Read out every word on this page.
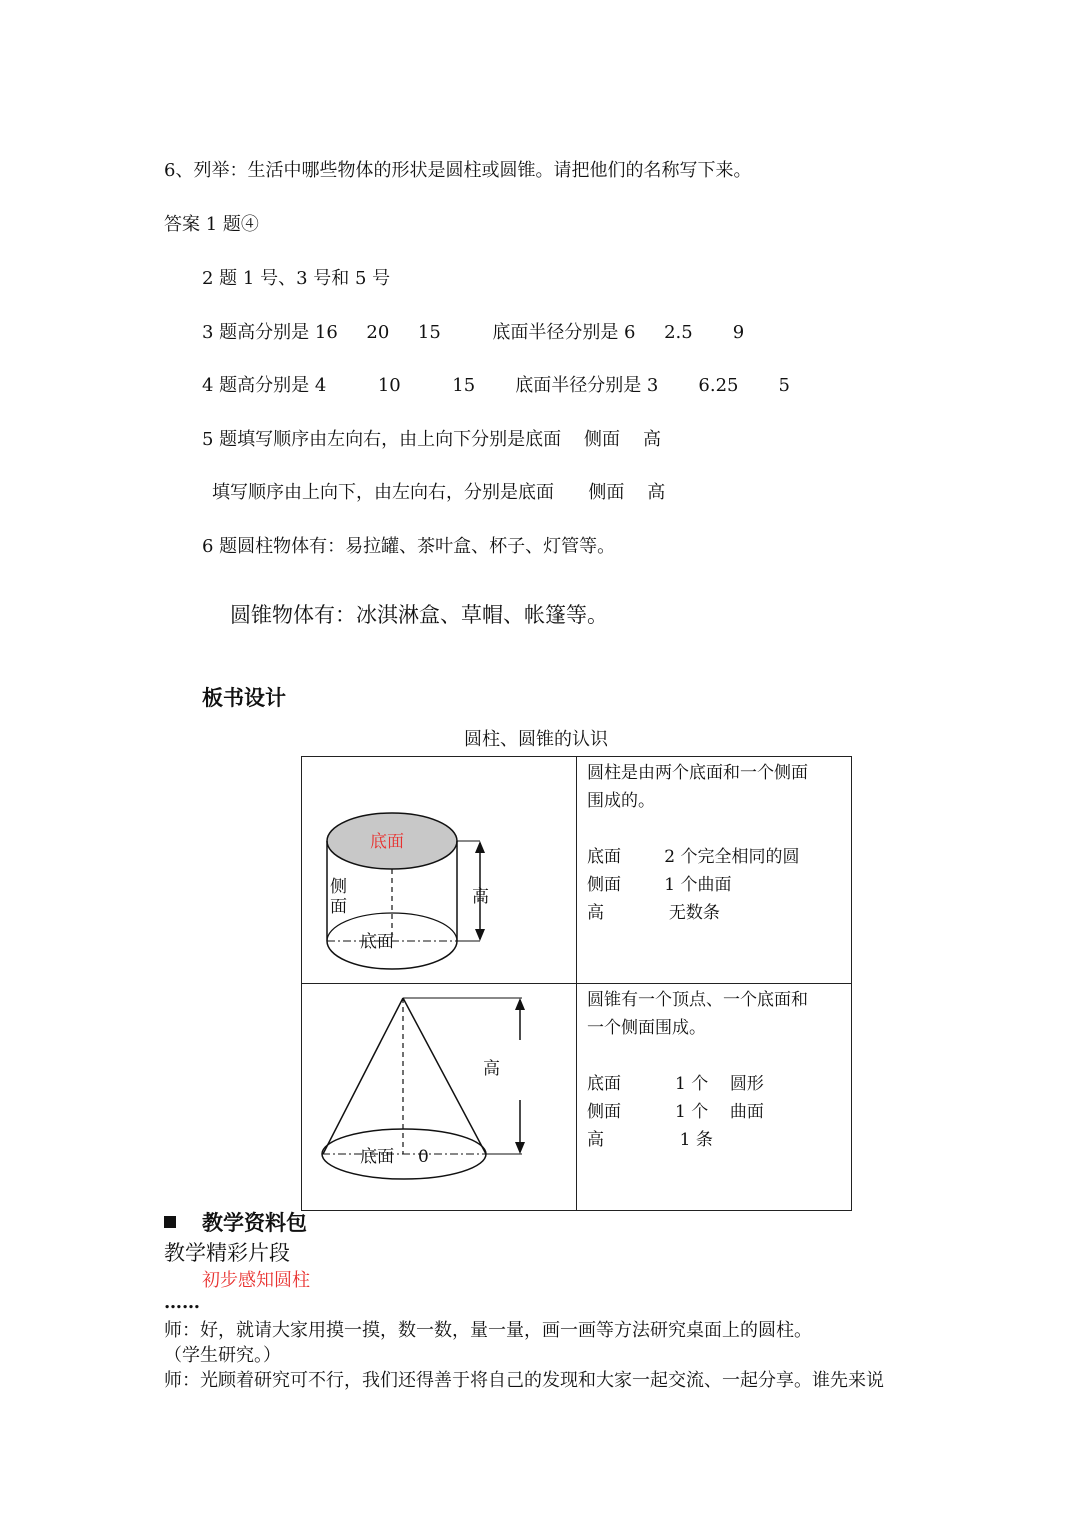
6、列举：生活中哪些物体的形状是圆柱或圆锥。请把他们的名称写下来。
答案 1 题④
2 题 1 号、3 号和 5 号
3 题高分别是 16     20     15         底面半径分别是 6     2.5       9
4 题高分别是 4         10         15       底面半径分别是 3       6.25       5
5 题填写顺序由左向右，由上向下分别是底面    侧面    高
填写顺序由上向下，由左向右，分别是底面      侧面    高
6 题圆柱物体有：易拉罐、茶叶盒、杯子、灯管等。
圆锥物体有：冰淇淋盒、草帽、帐篷等。
板书设计
圆柱、圆锥的认识
底面
侧
面 高
底面	圆柱是由两个底面和一个侧面
围成的。

底面        2 个完全相同的圆
侧面        1 个曲面
高            无数条

高
底面 0	圆锥有一个顶点、一个底面和
一个侧面围成。

底面          1 个    圆形
侧面          1 个    曲面
高              1 条
教学资料包
教学精彩片段
初步感知圆柱
……
师：好，就请大家用摸一摸，数一数，量一量，画一画等方法研究桌面上的圆柱。
（学生研究。）
师：光顾着研究可不行，我们还得善于将自己的发现和大家一起交流、一起分享。谁先来说
